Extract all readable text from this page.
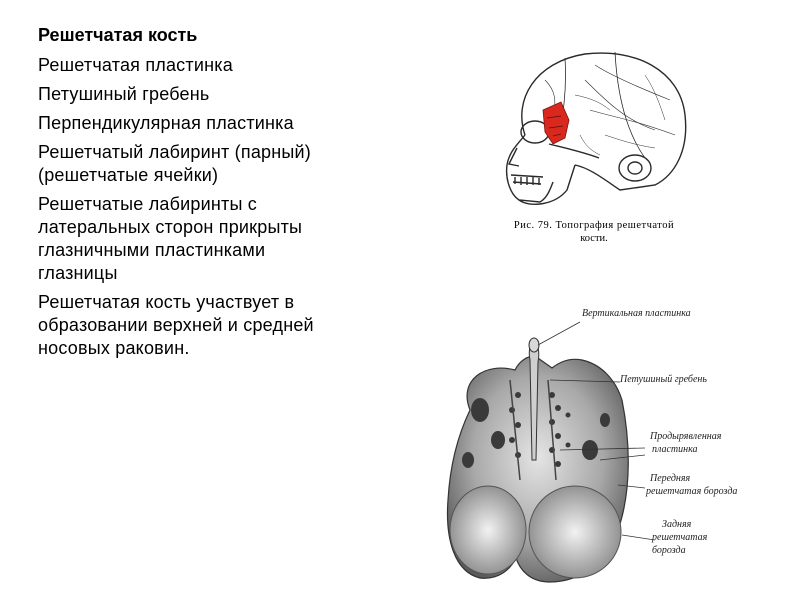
Решетчатая кость
Решетчатая пластинка
Петушиный гребень
Перпендикулярная пластинка
Решетчатый лабиринт (парный)(решетчатые ячейки)
Решетчатые лабиринты с латеральных сторон прикрыты глазничными пластинками глазницы
Решетчатая кость участвует в образовании верхней и средней носовых раковин.
Рис. 79. Топография решетчатой
кости.
Вертикальная пластинка
Петушиный гребень
Продырявленная
пластинка
Передняя
решетчатая борозда
Задняя
решетчатая
борозда
